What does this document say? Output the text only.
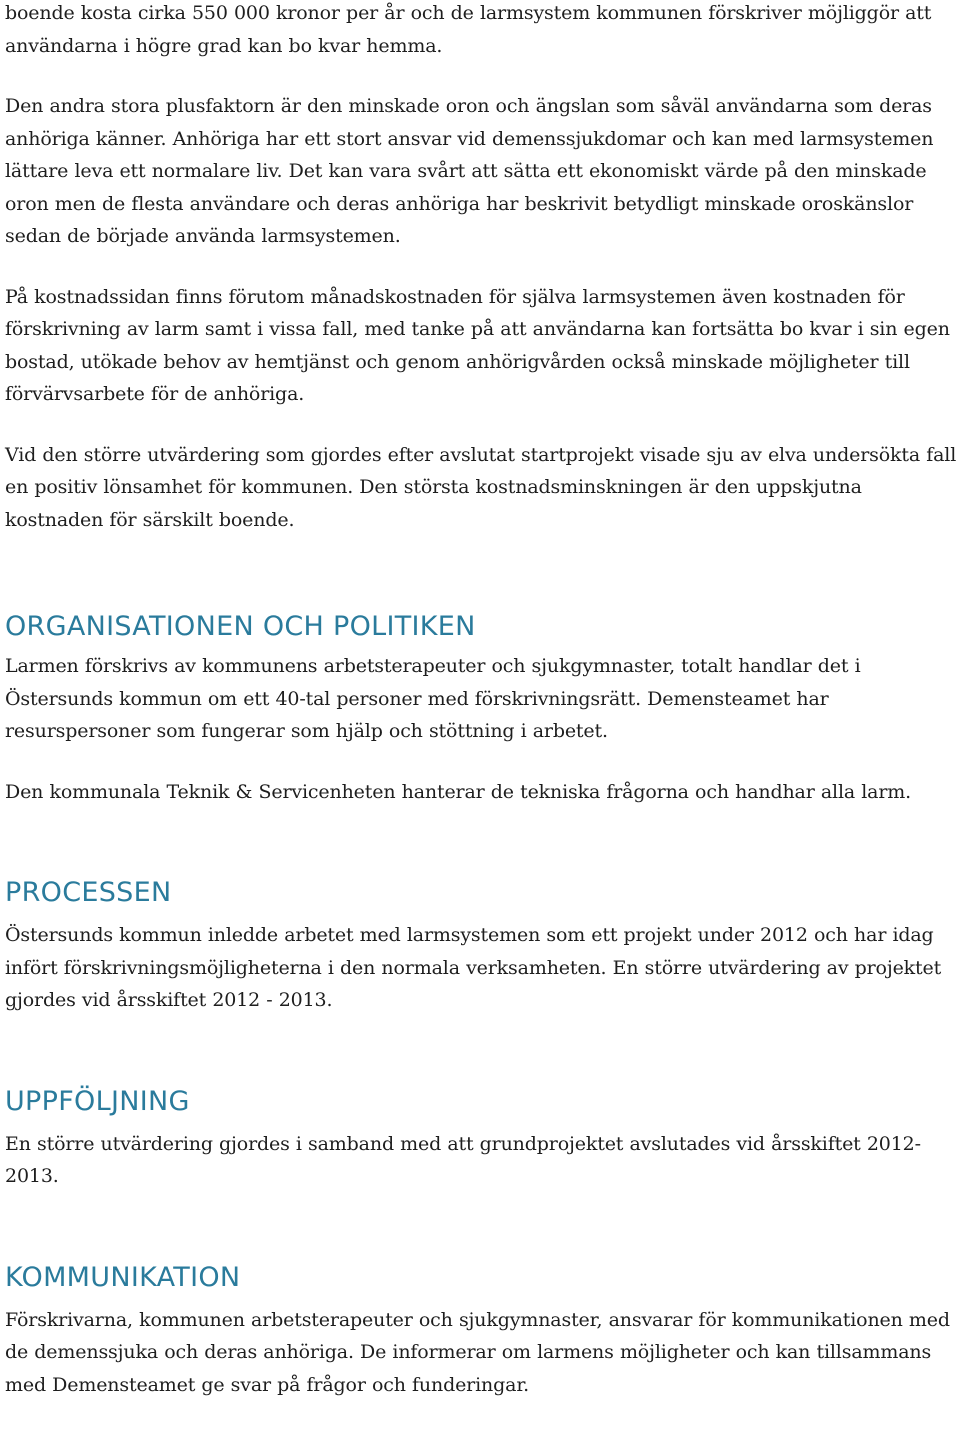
boende kosta cirka 550 000 kronor per år och de larmsystem kommunen förskriver möjliggör att användarna i högre grad kan bo kvar hemma.

Den andra stora plusfaktorn är den minskade oron och ängslan som såväl användarna som deras anhöriga känner. Anhöriga har ett stort ansvar vid demenssjukdomar och kan med larmsystemen lättare leva ett normalare liv. Det kan vara svårt att sätta ett ekonomiskt värde på den minskade oron men de flesta användare och deras anhöriga har beskrivit betydligt minskade oroskänslor sedan de började använda larmsystemen.

På kostnadssidan finns förutom månadskostnaden för själva larmsystemen även kostnaden för förskrivning av larm samt i vissa fall, med tanke på att användarna kan fortsätta bo kvar i sin egen bostad, utökade behov av hemtjänst och genom anhörigvården också minskade möjligheter till förvärvsarbete för de anhöriga.

Vid den större utvärdering som gjordes efter avslutat startprojekt visade sju av elva undersökta fall en positiv lönsamhet för kommunen. Den största kostnadsminskningen är den uppskjutna kostnaden för särskilt boende.

ORGANISATIONEN OCH POLITIKEN

Larmen förskrivs av kommunens arbetsterapeuter och sjukgymnaster, totalt handlar det i Östersunds kommun om ett 40-tal personer med förskrivningsrätt. Demensteamet har resurspersoner som fungerar som hjälp och stöttning i arbetet.

Den kommunala Teknik & Servicenheten hanterar de tekniska frågorna och handhar alla larm.

PROCESSEN

Östersunds kommun inledde arbetet med larmsystemen som ett projekt under 2012 och har idag infört förskrivningsmöjligheterna i den normala verksamheten. En större utvärdering av projektet gjordes vid årsskiftet 2012 - 2013.

UPPFÖLJNING

En större utvärdering gjordes i samband med att grundprojektet avslutades vid årsskiftet 2012-2013.

KOMMUNIKATION

Förskrivarna, kommunen arbetsterapeuter och sjukgymnaster, ansvarar för kommunikationen med de demenssjuka och deras anhöriga. De informerar om larmens möjligheter och kan tillsammans med Demensteamet ge svar på frågor och funderingar.
